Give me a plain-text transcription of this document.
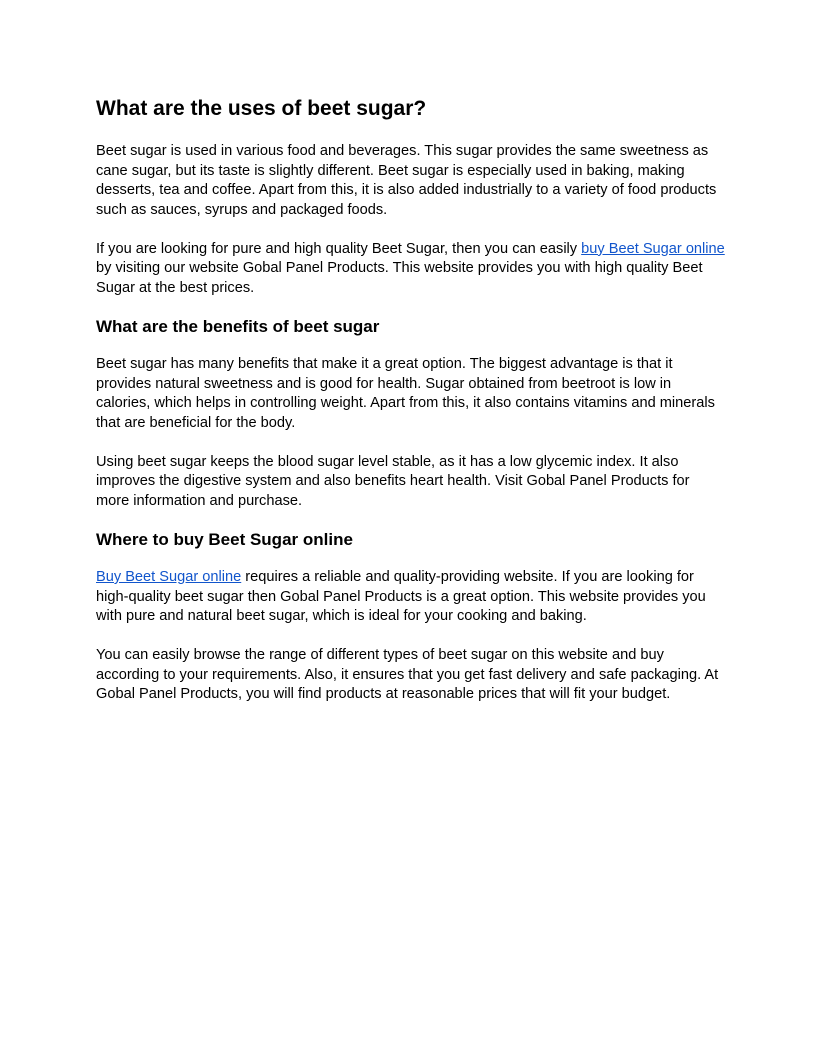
What are the uses of beet sugar?

Beet sugar is used in various food and beverages. This sugar provides the same sweetness as cane sugar, but its taste is slightly different. Beet sugar is especially used in baking, making desserts, tea and coffee. Apart from this, it is also added industrially to a variety of food products such as sauces, syrups and packaged foods.

If you are looking for pure and high quality Beet Sugar, then you can easily buy Beet Sugar online by visiting our website Gobal Panel Products. This website provides you with high quality Beet Sugar at the best prices.

What are the benefits of beet sugar

Beet sugar has many benefits that make it a great option. The biggest advantage is that it provides natural sweetness and is good for health. Sugar obtained from beetroot is low in calories, which helps in controlling weight. Apart from this, it also contains vitamins and minerals that are beneficial for the body.

Using beet sugar keeps the blood sugar level stable, as it has a low glycemic index. It also improves the digestive system and also benefits heart health. Visit Gobal Panel Products for more information and purchase.

Where to buy Beet Sugar online

Buy Beet Sugar online requires a reliable and quality-providing website. If you are looking for high-quality beet sugar then Gobal Panel Products is a great option. This website provides you with pure and natural beet sugar, which is ideal for your cooking and baking.

You can easily browse the range of different types of beet sugar on this website and buy according to your requirements. Also, it ensures that you get fast delivery and safe packaging. At Gobal Panel Products, you will find products at reasonable prices that will fit your budget.
